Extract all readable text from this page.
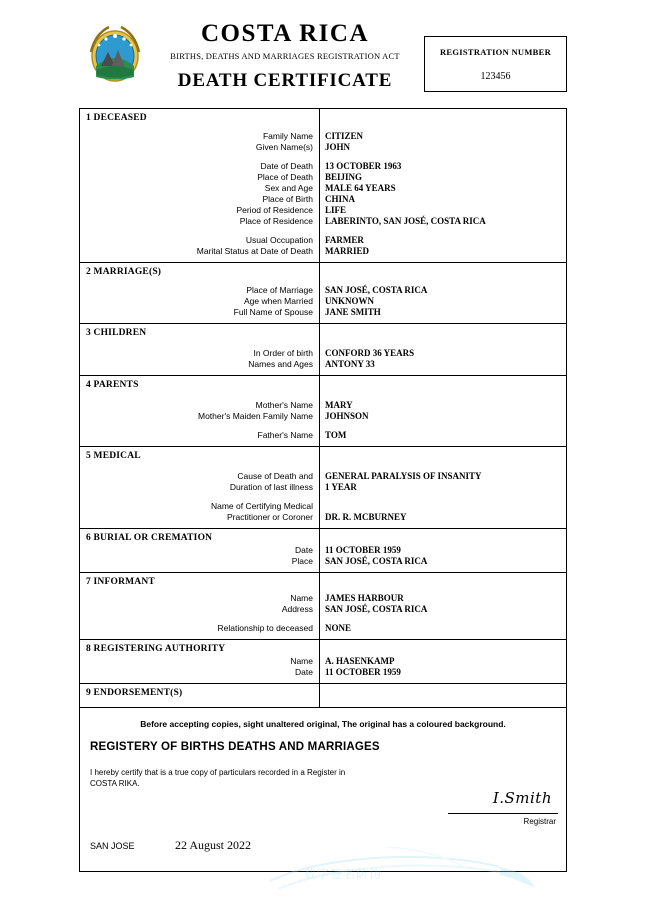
COSTA RICA
BIRTHS, DEATHS AND MARRIAGES REGISTRATION ACT
DEATH CERTIFICATE
REGISTRATION NUMBER
123456
1 DECEASED
Family Name	CITIZEN
Given Name(s)	JOHN
Date of Death	13 OCTOBER 1963
Place of Death	BEIJING
Sex and Age	MALE 64 YEARS
Place of Birth	CHINA
Period of Residence	LIFE
Place of Residence	LABERINTO, SAN JOSÉ, COSTA RICA
Usual Occupation	FARMER
Marital Status at Date of Death	MARRIED
2 MARRIAGE(S)
Place of Marriage	SAN JOSÉ, COSTA RICA
Age when Married	UNKNOWN
Full Name of Spouse	JANE SMITH
3 CHILDREN
In Order of birth	CONFORD 36 YEARS
Names and Ages	ANTONY 33
4 PARENTS
Mother's Name	MARY
Mother's Maiden Family Name	JOHNSON
Father's Name	TOM
5 MEDICAL
Cause of Death and	GENERAL PARALYSIS OF INSANITY
Duration of last illness	1 YEAR
Name of Certifying Medical
Practitioner or Coroner	DR. R. MCBURNEY
6 BURIAL OR CREMATION
Date	11 OCTOBER 1959
Place	SAN JOSÉ, COSTA RICA
7 INFORMANT
Name	JAMES HARBOUR
Address	SAN JOSÉ, COSTA RICA
Relationship to deceased	NONE
8 REGISTERING AUTHORITY
Name	A. HASENKAMP
Date	11 OCTOBER 1959
9 ENDORSEMENT(S)
Before accepting copies, sight unaltered original, The original has a coloured background.
REGISTERY OF BIRTHS DEATHS AND MARRIAGES
I hereby certify that is a true copy of particulars recorded in a Register in
COSTA RIKA.
I.Smith
Registrar
SAN JOSE	22 August 2022
数字签名防伪
